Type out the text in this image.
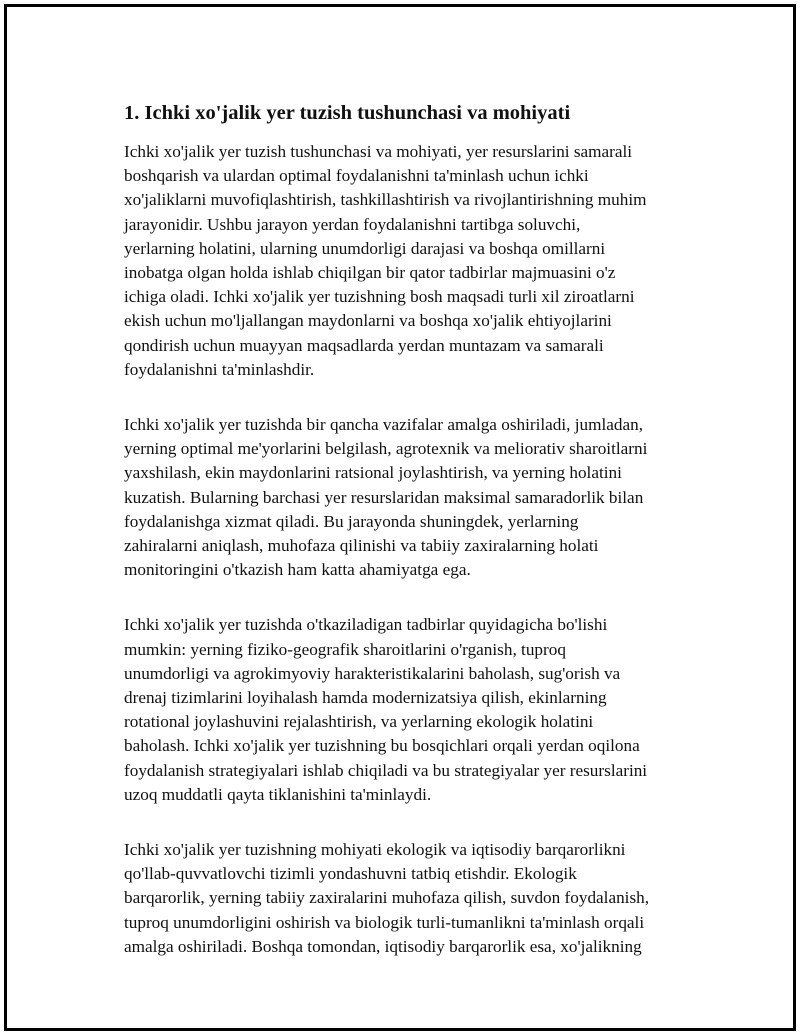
1. Ichki xo'jalik yer tuzish tushunchasi va mohiyati

Ichki xo'jalik yer tuzish tushunchasi va mohiyati, yer resurslarini samarali
boshqarish va ulardan optimal foydalanishni ta'minlash uchun ichki
xo'jaliklarni muvofiqlashtirish, tashkillashtirish va rivojlantirishning muhim
jarayonidir. Ushbu jarayon yerdan foydalanishni tartibga soluvchi,
yerlarning holatini, ularning unumdorligi darajasi va boshqa omillarni
inobatga olgan holda ishlab chiqilgan bir qator tadbirlar majmuasini o'z
ichiga oladi. Ichki xo'jalik yer tuzishning bosh maqsadi turli xil ziroatlarni
ekish uchun mo'ljallangan maydonlarni va boshqa xo'jalik ehtiyojlarini
qondirish uchun muayyan maqsadlarda yerdan muntazam va samarali
foydalanishni ta'minlashdir.

Ichki xo'jalik yer tuzishda bir qancha vazifalar amalga oshiriladi, jumladan,
yerning optimal me'yorlarini belgilash, agrotexnik va meliorativ sharoitlarni
yaxshilash, ekin maydonlarini ratsional joylashtirish, va yerning holatini
kuzatish. Bularning barchasi yer resurslaridan maksimal samaradorlik bilan
foydalanishga xizmat qiladi. Bu jarayonda shuningdek, yerlarning
zahiralarni aniqlash, muhofaza qilinishi va tabiiy zaxiralarning holati
monitoringini o'tkazish ham katta ahamiyatga ega.

Ichki xo'jalik yer tuzishda o'tkaziladigan tadbirlar quyidagicha bo'lishi
mumkin: yerning fiziko-geografik sharoitlarini o'rganish, tuproq
unumdorligi va agrokimyoviy harakteristikalarini baholash, sug'orish va
drenaj tizimlarini loyihalash hamda modernizatsiya qilish, ekinlarning
rotational joylashuvini rejalashtirish, va yerlarning ekologik holatini
baholash. Ichki xo'jalik yer tuzishning bu bosqichlari orqali yerdan oqilona
foydalanish strategiyalari ishlab chiqiladi va bu strategiyalar yer resurslarini
uzoq muddatli qayta tiklanishini ta'minlaydi.

Ichki xo'jalik yer tuzishning mohiyati ekologik va iqtisodiy barqarorlikni
qo'llab-quvvatlovchi tizimli yondashuvni tatbiq etishdir. Ekologik
barqarorlik, yerning tabiiy zaxiralarini muhofaza qilish, suvdon foydalanish,
tuproq unumdorligini oshirish va biologik turli-tumanlikni ta'minlash orqali
amalga oshiriladi. Boshqa tomondan, iqtisodiy barqarorlik esa, xo'jalikning
